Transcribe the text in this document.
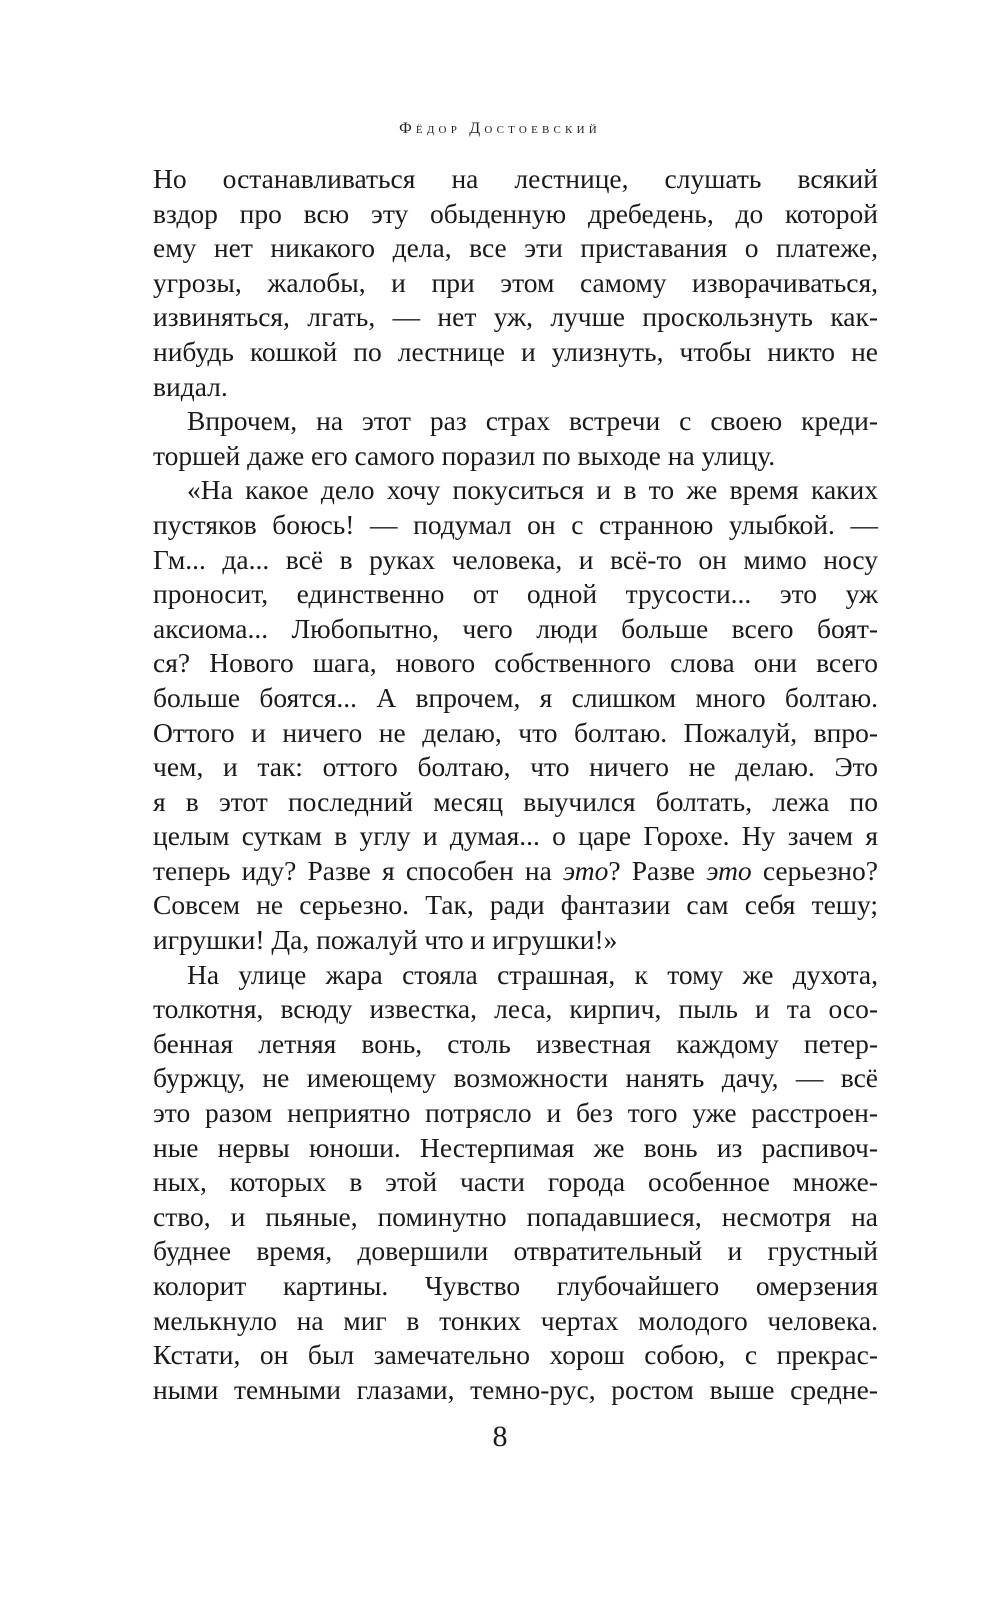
Фёдор Достоевский
Но останавливаться на лестнице, слушать всякий
вздор про всю эту обыденную дребедень, до которой
ему нет никакого дела, все эти приставания о платеже,
угрозы, жалобы, и при этом самому изворачиваться,
извиняться, лгать, — нет уж, лучше проскользнуть как-
нибудь кошкой по лестнице и улизнуть, чтобы никто не
видал.
Впрочем, на этот раз страх встречи с своею креди-
торшей даже его самого поразил по выходе на улицу.
«На какое дело хочу покуситься и в то же время каких
пустяков боюсь! — подумал он с странною улыбкой. —
Гм... да... всё в руках человека, и всё-то он мимо носу
проносит, единственно от одной трусости... это уж
аксиома... Любопытно, чего люди больше всего боят-
ся? Нового шага, нового собственного слова они всего
больше боятся... А впрочем, я слишком много болтаю.
Оттого и ничего не делаю, что болтаю. Пожалуй, впро-
чем, и так: оттого болтаю, что ничего не делаю. Это
я в этот последний месяц выучился болтать, лежа по
целым суткам в углу и думая... о царе Горохе. Ну зачем я
теперь иду? Разве я способен на это? Разве это серьезно?
Совсем не серьезно. Так, ради фантазии сам себя тешу;
игрушки! Да, пожалуй что и игрушки!»
На улице жара стояла страшная, к тому же духота,
толкотня, всюду известка, леса, кирпич, пыль и та осо-
бенная летняя вонь, столь известная каждому петер-
буржцу, не имеющему возможности нанять дачу, — всё
это разом неприятно потрясло и без того уже расстроен-
ные нервы юноши. Нестерпимая же вонь из распивоч-
ных, которых в этой части города особенное множе-
ство, и пьяные, поминутно попадавшиеся, несмотря на
буднее время, довершили отвратительный и грустный
колорит картины. Чувство глубочайшего омерзения
мелькнуло на миг в тонких чертах молодого человека.
Кстати, он был замечательно хорош собою, с прекрас-
ными темными глазами, темно-рус, ростом выше средне-
8
